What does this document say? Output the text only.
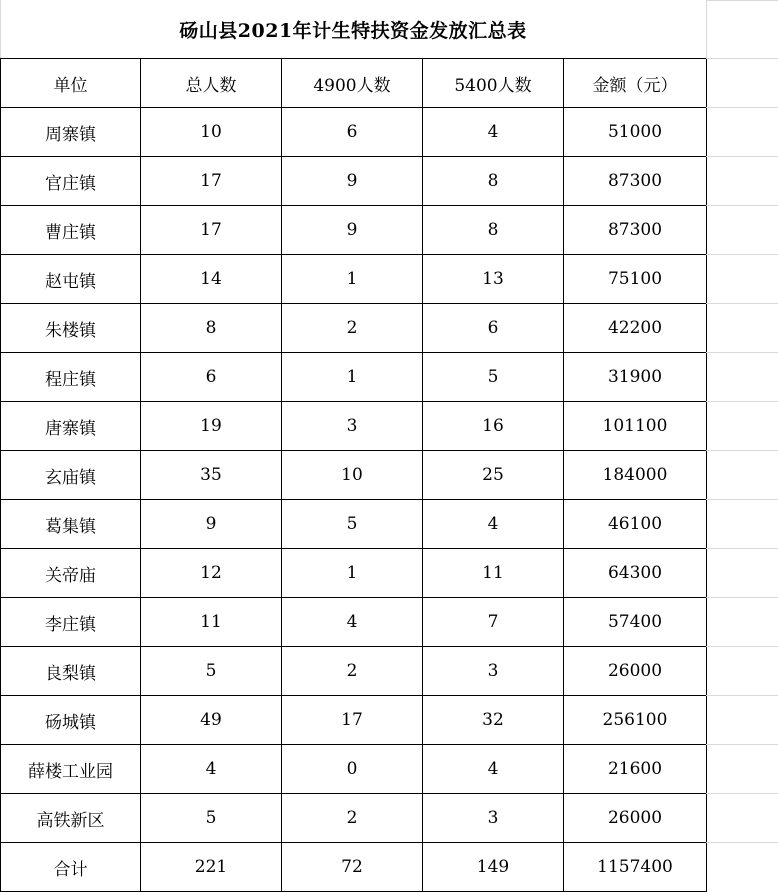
砀山县2021年计生特扶资金发放汇总表
单位	总人数	4900人数	5400人数	金额（元）
周寨镇	10	6	4	51000
官庄镇	17	9	8	87300
曹庄镇	17	9	8	87300
赵屯镇	14	1	13	75100
朱楼镇	8	2	6	42200
程庄镇	6	1	5	31900
唐寨镇	19	3	16	101100
玄庙镇	35	10	25	184000
葛集镇	9	5	4	46100
关帝庙	12	1	11	64300
李庄镇	11	4	7	57400
良梨镇	5	2	3	26000
砀城镇	49	17	32	256100
薛楼工业园	4	0	4	21600
高铁新区	5	2	3	26000
合计	221	72	149	1157400
